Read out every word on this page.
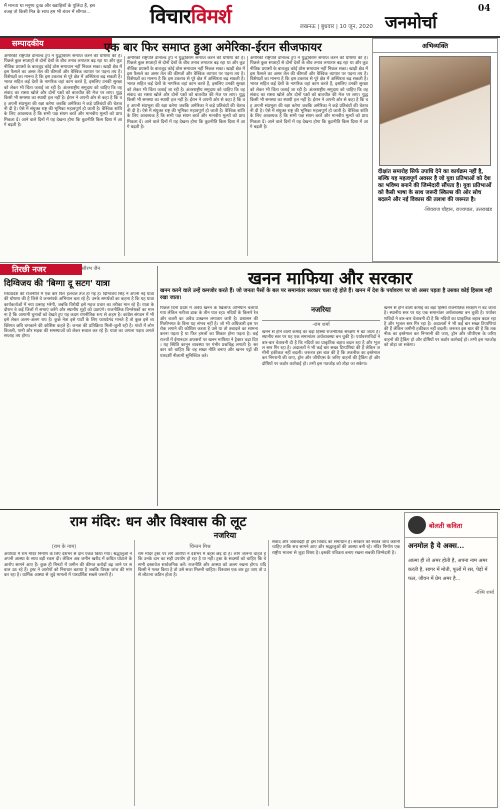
मैं मानता था मनुष्य दुःख और ख्वाहिशों के पुलिंदा हैं, इस वजह तो किसी मित्र के साथ हम भी बंधन में सौगात...	विचारविमर्श	लखनऊ | बुधवार | 10 जून, 2020 जनमोर्चा
04
सम्पादकीय	एक बार फिर समाप्त हुआ अमेरिका-ईरान सीजफायर
अमेरिकी राष्ट्रपति डोनाल्ड ट्रंप ने युद्धविराम समाप्त करने की घोषणा की है। पिछले कुछ सप्ताहों से दोनों देशों के बीच तनाव लगातार बढ़ रहा था और कूटनीतिक प्रयासों के बावजूद कोई ठोस समाधान नहीं निकल सका। खाड़ी क्षेत्र में इस फैसले का असर तेल की कीमतों और वैश्विक व्यापार पर पड़ना तय है। विशेषज्ञों का मानना है कि इस टकराव से पूरे क्षेत्र में अस्थिरता बढ़ सकती है। भारत सहित कई देशों के नागरिक वहां काम करते हैं, इसलिए उनकी सुरक्षा को लेकर भी चिंता जताई जा रही है। अंतरराष्ट्रीय समुदाय को चाहिए कि वह संवाद का रास्ता खोले और दोनों पक्षों को बातचीत की मेज पर लाए। युद्ध किसी भी समस्या का स्थायी हल नहीं है। ईरान ने अपनी ओर से कहा है कि वह अपनी संप्रभुता की रक्षा करेगा जबकि अमेरिका ने कड़े प्रतिबंधों की चेतावनी दी है। ऐसे में संयुक्त राष्ट्र की भूमिका महत्वपूर्ण हो जाती है। वैश्विक शांति के लिए आवश्यक है कि सभी पक्ष संयम बरतें और मानवीय मूल्यों को प्राथमिकता दें। आने वाले दिनों में यह देखना होगा कि कूटनीति किस दिशा में आगे बढ़ती है।
अमेरिकी राष्ट्रपति डोनाल्ड ट्रंप ने युद्धविराम समाप्त करने की घोषणा की है। पिछले कुछ सप्ताहों से दोनों देशों के बीच तनाव लगातार बढ़ रहा था और कूटनीतिक प्रयासों के बावजूद कोई ठोस समाधान नहीं निकल सका। खाड़ी क्षेत्र में इस फैसले का असर तेल की कीमतों और वैश्विक व्यापार पर पड़ना तय है। विशेषज्ञों का मानना है कि इस टकराव से पूरे क्षेत्र में अस्थिरता बढ़ सकती है। भारत सहित कई देशों के नागरिक वहां काम करते हैं, इसलिए उनकी सुरक्षा को लेकर भी चिंता जताई जा रही है। अंतरराष्ट्रीय समुदाय को चाहिए कि वह संवाद का रास्ता खोले और दोनों पक्षों को बातचीत की मेज पर लाए। युद्ध किसी भी समस्या का स्थायी हल नहीं है। ईरान ने अपनी ओर से कहा है कि वह अपनी संप्रभुता की रक्षा करेगा जबकि अमेरिका ने कड़े प्रतिबंधों की चेतावनी दी है। ऐसे में संयुक्त राष्ट्र की भूमिका महत्वपूर्ण हो जाती है। वैश्विक शांति के लिए आवश्यक है कि सभी पक्ष संयम बरतें और मानवीय मूल्यों को प्राथमिकता दें। आने वाले दिनों में यह देखना होगा कि कूटनीति किस दिशा में आगे बढ़ती है।
अमेरिकी राष्ट्रपति डोनाल्ड ट्रंप ने युद्धविराम समाप्त करने की घोषणा की है। पिछले कुछ सप्ताहों से दोनों देशों के बीच तनाव लगातार बढ़ रहा था और कूटनीतिक प्रयासों के बावजूद कोई ठोस समाधान नहीं निकल सका। खाड़ी क्षेत्र में इस फैसले का असर तेल की कीमतों और वैश्विक व्यापार पर पड़ना तय है। विशेषज्ञों का मानना है कि इस टकराव से पूरे क्षेत्र में अस्थिरता बढ़ सकती है। भारत सहित कई देशों के नागरिक वहां काम करते हैं, इसलिए उनकी सुरक्षा को लेकर भी चिंता जताई जा रही है। अंतरराष्ट्रीय समुदाय को चाहिए कि वह संवाद का रास्ता खोले और दोनों पक्षों को बातचीत की मेज पर लाए। युद्ध किसी भी समस्या का स्थायी हल नहीं है। ईरान ने अपनी ओर से कहा है कि वह अपनी संप्रभुता की रक्षा करेगा जबकि अमेरिका ने कड़े प्रतिबंधों की चेतावनी दी है। ऐसे में संयुक्त राष्ट्र की भूमिका महत्वपूर्ण हो जाती है। वैश्विक शांति के लिए आवश्यक है कि सभी पक्ष संयम बरतें और मानवीय मूल्यों को प्राथमिकता दें। आने वाले दिनों में यह देखना होगा कि कूटनीति किस दिशा में आगे बढ़ती है।
अभिव्यक्ति
दीक्षांत समारोह सिर्फ उपाधि देने का कार्यक्रम नहीं है, बल्कि यह महत्वपूर्ण अवसर है जो युवा प्रतिभाओं को देश का भविष्य बनाने की जिम्मेदारी सौंपता है। युवा प्रतिभाओं को कैसी भाषा के साथ जरूरी स्किल्स की ओर सोच बदलने और नई विकास की तलाश की जरूरत है।
-शिवराज चौहान, राज्यपाल, उत्तराखंड
तिरछी नजर	-सौरभ जैन
दिग्विजय की 'बिग्गा दू सटग' यात्रा
मध्यप्रदेश की राजनीति में एक बार फिर हलचल तेज हो गई है। दिग्विजय सिंह ने अपनी नई यात्रा की घोषणा की है जिसे वे जनसंपर्क अभियान बता रहे हैं। उनके समर्थकों का कहना है कि यह यात्रा कार्यकर्ताओं में नया उत्साह भरेगी, जबकि विरोधी इसे महज प्रचार का तरीका मान रहे हैं। यात्रा के दौरान वे कई जिलों में सभाएं करेंगे और स्थानीय मुद्दों को उठाएंगे। राजनीतिक विश्लेषकों का मानना है कि आगामी चुनावों को देखते हुए यह कदम रणनीतिक रूप से अहम है। कांग्रेस संगठन में भी इसे लेकर अलग-अलग राय है। कुछ नेता इसे पार्टी के लिए फायदेमंद मानते हैं तो कुछ इसे व्यक्तिगत छवि चमकाने की कोशिश कहते हैं। जनता की प्रतिक्रिया मिली-जुली रही है। गांवों में लोग बिजली, पानी और सड़क की समस्याओं को लेकर सवाल कर रहे हैं। यात्रा का अगला पड़ाव अगले सप्ताह तय होगा।
खनन माफिया और सरकार
खनन करने वाले उन्हें कमजोर करते हैं। जो जनता पैसों के बल पर समानांतर सरकार चला रहे होते हैं। खनन में देश के पर्यावरण पर जो असर पड़ता है उसका कोई हिसाब नहीं रखा जाता।
पिछले दिनों प्रदेश में अवैध खनन के खिलाफ अभियान चलाया गया लेकिन नतीजा ढाक के तीन पात रहा। नदियों के किनारे रेत और बजरी का अवैध उत्खनन लगातार जारी है। प्रशासन की मिलीभगत के बिना यह संभव नहीं है। जो भी अधिकारी इस पर रोक लगाने की कोशिश करता है उसे या तो तबादले का सामना करना पड़ता है या फिर हमलों का शिकार होना पड़ता है। कई राज्यों में ईमानदार अफसरों पर खनन माफिया ने ट्रैक्टर चढ़ा दिए। यह स्थिति कानून व्यवस्था पर गंभीर प्रश्नचिह्न लगाती है। सरकार को चाहिए कि वह सख्त नीति बनाए और खनन पट्टों की पारदर्शी नीलामी सुनिश्चित करे।
नजरिया
-राम शर्मा
खनन से होने वाली कमाई का बड़ा हिस्सा राजनीतिक संरक्षण में बंट जाता है। स्थानीय स्तर पर यह एक समानांतर अर्थव्यवस्था बन चुकी है। पर्यावरणविदों ने बार-बार चेतावनी दी है कि नदियों का प्राकृतिक बहाव बदल रहा है और भूजल स्तर गिर रहा है। अदालतों ने भी कई बार सख्त टिप्पणियां की हैं लेकिन जमीनी हकीकत नहीं बदली। जरूरत इस बात की है कि तकनीक का इस्तेमाल कर निगरानी की जाए, ड्रोन और जीपीएस के जरिए वाहनों की ट्रैकिंग हो और दोषियों पर कठोर कार्रवाई हो। तभी इस गठजोड़ को तोड़ा जा सकेगा।
खनन से होने वाली कमाई का बड़ा हिस्सा राजनीतिक संरक्षण में बंट जाता है। स्थानीय स्तर पर यह एक समानांतर अर्थव्यवस्था बन चुकी है। पर्यावरणविदों ने बार-बार चेतावनी दी है कि नदियों का प्राकृतिक बहाव बदल रहा है और भूजल स्तर गिर रहा है। अदालतों ने भी कई बार सख्त टिप्पणियां की हैं लेकिन जमीनी हकीकत नहीं बदली। जरूरत इस बात की है कि तकनीक का इस्तेमाल कर निगरानी की जाए, ड्रोन और जीपीएस के जरिए वाहनों की ट्रैकिंग हो और दोषियों पर कठोर कार्रवाई हो। तभी इस गठजोड़ को तोड़ा जा सकेगा।
राम मंदिर: धन और विश्वास की लूट
नजरिया
(राम के नाम)	चिन्तन मिश्र
अयोध्या में राम मंदिर निर्माण के लिए देशभर से दान एकत्र किया गया। श्रद्धालुओं ने अपनी आस्था के साथ बड़ी रकम दी। लेकिन अब जमीन खरीद में कथित घोटाले के आरोप सामने आए हैं। कुछ ही मिनटों में जमीन की कीमत करोड़ों बढ़ जाने पर सवाल उठ रहे हैं। ट्रस्ट ने आरोपों को निराधार बताया है जबकि विपक्ष जांच की मांग कर रहा है। धार्मिक आस्था से जुड़े मामलों में पारदर्शिता सबसे जरूरी है।
राम मंदिर ट्रस्ट पर लगे आरोपों ने देशभर में बहस छेड़ दी है। लोग जानना चाहते हैं कि उनके दान का सही उपयोग हो रहा है या नहीं। ट्रस्ट के सदस्यों को चाहिए कि वे सभी दस्तावेज सार्वजनिक करें। राजनीति और आस्था को अलग रखना होगा। यदि किसी ने गलत किया है तो उसे सजा मिलनी चाहिए। विश्वास एक बार टूट जाए तो उसे लौटाना कठिन होता है।
संवाद और जवाबदेही ही इस विवाद का समाधान है। सरकार को स्वतंत्र जांच करानी चाहिए ताकि सच सामने आए और श्रद्धालुओं की आस्था बनी रहे। मंदिर निर्माण एक राष्ट्रीय भावना से जुड़ा विषय है। इसकी पवित्रता बनाए रखना सबकी जिम्मेदारी है।
बोलती कविता
अनमोल है ये अक्स...
आत्मा ही तो अमर होती है, अपना नाम अमर करती है, सागर में मोती, फूलों में रस, पेड़ों में फल, जीवन में प्रेम अमर है...
-रश्मि शर्मा
